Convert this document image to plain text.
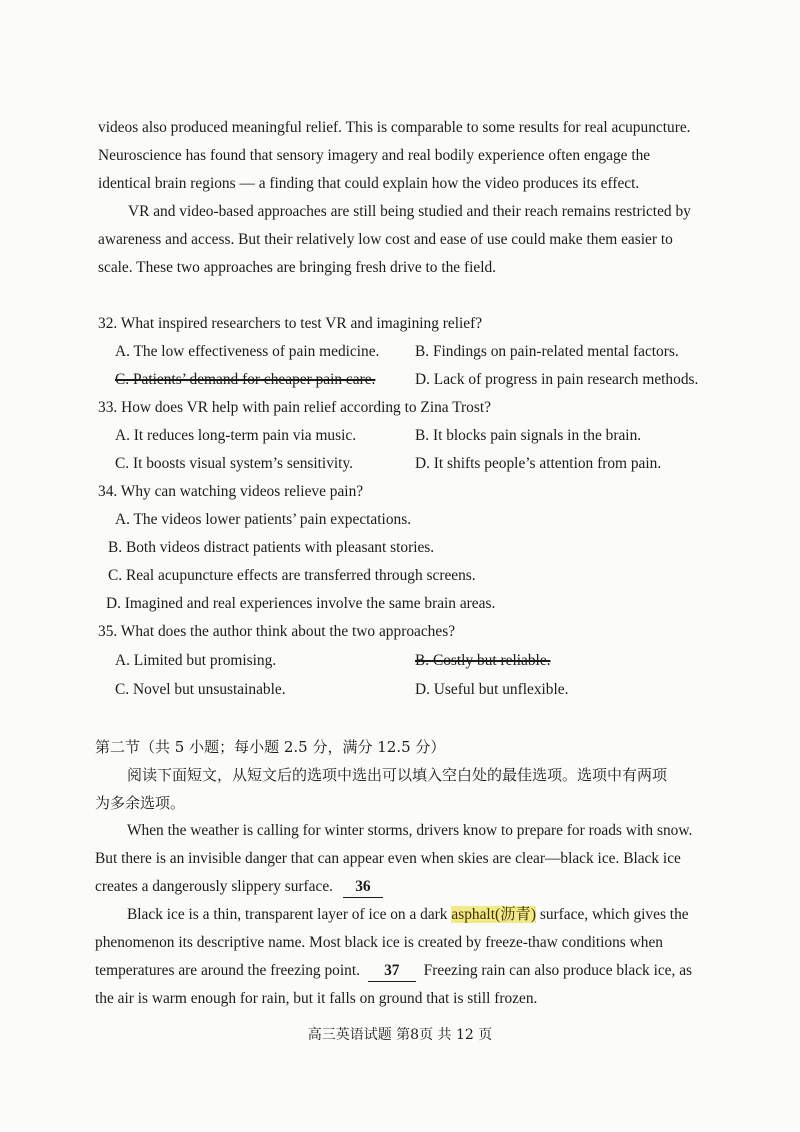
videos also produced meaningful relief. This is comparable to some results for real acupuncture.
Neuroscience has found that sensory imagery and real bodily experience often engage the
identical brain regions — a finding that could explain how the video produces its effect.
VR and video-based approaches are still being studied and their reach remains restricted by
awareness and access. But their relatively low cost and ease of use could make them easier to
scale. These two approaches are bringing fresh drive to the field.
32. What inspired researchers to test VR and imagining relief?
A. The low effectiveness of pain medicine. B. Findings on pain-related mental factors.
C. Patients’ demand for cheaper pain care.	D. Lack of progress in pain research methods.
33. How does VR help with pain relief according to Zina Trost?
A. It reduces long-term pain via music.	B. It blocks pain signals in the brain.
C. It boosts visual system’s sensitivity.	D. It shifts people’s attention from pain.
34. Why can watching videos relieve pain?
A. The videos lower patients’ pain expectations.
B. Both videos distract patients with pleasant stories.
C. Real acupuncture effects are transferred through screens.
D. Imagined and real experiences involve the same brain areas.
35. What does the author think about the two approaches?
A. Limited but promising.	B. Costly but reliable.
C. Novel but unsustainable.	D. Useful but unflexible.
第二节（共 5 小题；每小题 2.5 分，满分 12.5 分）
阅读下面短文，从短文后的选项中选出可以填入空白处的最佳选项。选项中有两项
为多余选项。
When the weather is calling for winter storms, drivers know to prepare for roads with snow.
But there is an invisible danger that can appear even when skies are clear—black ice. Black ice
creates a dangerously slippery surface. 36
Black ice is a thin, transparent layer of ice on a dark asphalt(沥青) surface, which gives the
phenomenon its descriptive name. Most black ice is created by freeze-thaw conditions when
temperatures are around the freezing point. 37 Freezing rain can also produce black ice, as
the air is warm enough for rain, but it falls on ground that is still frozen.
高三英语试题 第8页 共 12 页
